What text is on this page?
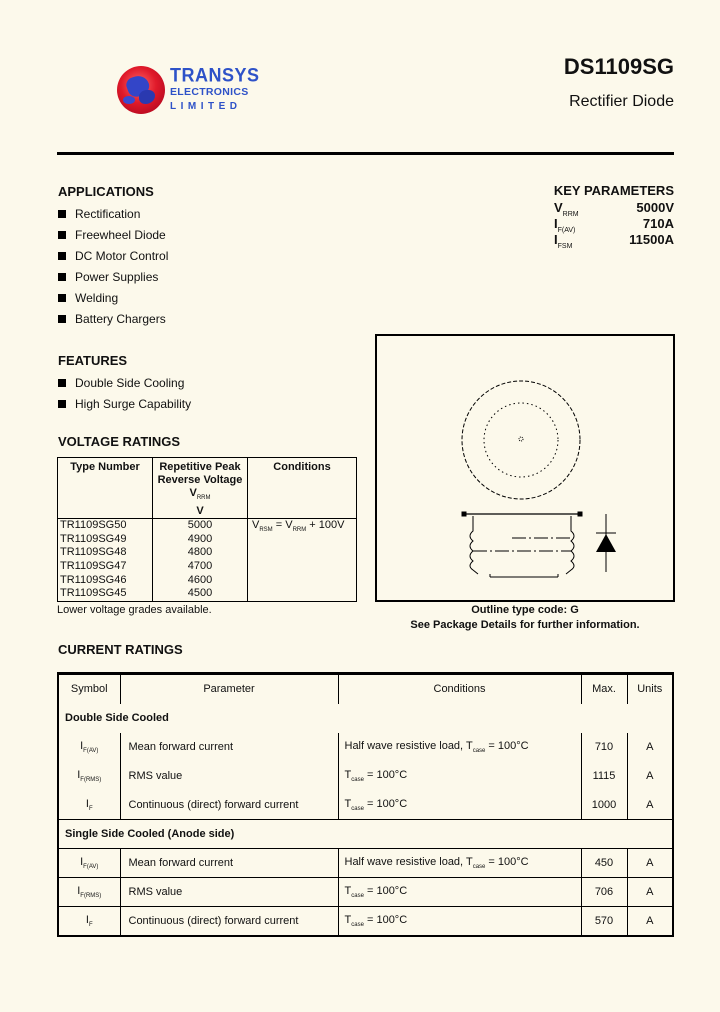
TRANSYS
ELECTRONICS
LIMITED
DS1109SG
Rectifier Diode
APPLICATIONS
Rectification
Freewheel Diode
DC Motor Control
Power Supplies
Welding
Battery Chargers
KEY PARAMETERS
$V_{RRM}$	5000V
$I_{F(AV)}$	710A
$I_{FSM}$	11500A
FEATURES
Double Side Cooling
High Surge Capability
VOLTAGE RATINGS
Type Number	Repetitive Peak
Reverse Voltage
$V_{RRM}$
V	Conditions
TR1109SG50	5000	$V_{RSM} = V_{RRM} + 100V$
TR1109SG49	4900	
TR1109SG48	4800	
TR1109SG47	4700	
TR1109SG46	4600	
TR1109SG45	4500	
Lower voltage grades available.	Outline type code: G
See Package Details for further information.
CURRENT RATINGS
Symbol	Parameter	Conditions	Max.	Units
Double Side Cooled				
$I_{F(AV)}$	Mean forward current	Half wave resistive load, $T_{case} = 100^\circ C$	710	A
$I_{F(RMS)}$	RMS value	$T_{case} = 100^\circ C$	1115	A
$I_F$	Continuous (direct) forward current	$T_{case} = 100^\circ C$	1000	A
Single Side Cooled (Anode side)				
$I_{F(AV)}$	Mean forward current	Half wave resistive load, $T_{case} = 100^\circ C$	450	A
$I_{F(RMS)}$	RMS value	$T_{case} = 100^\circ C$	706	A
$I_F$	Continuous (direct) forward current	$T_{case} = 100^\circ C$	570	A
